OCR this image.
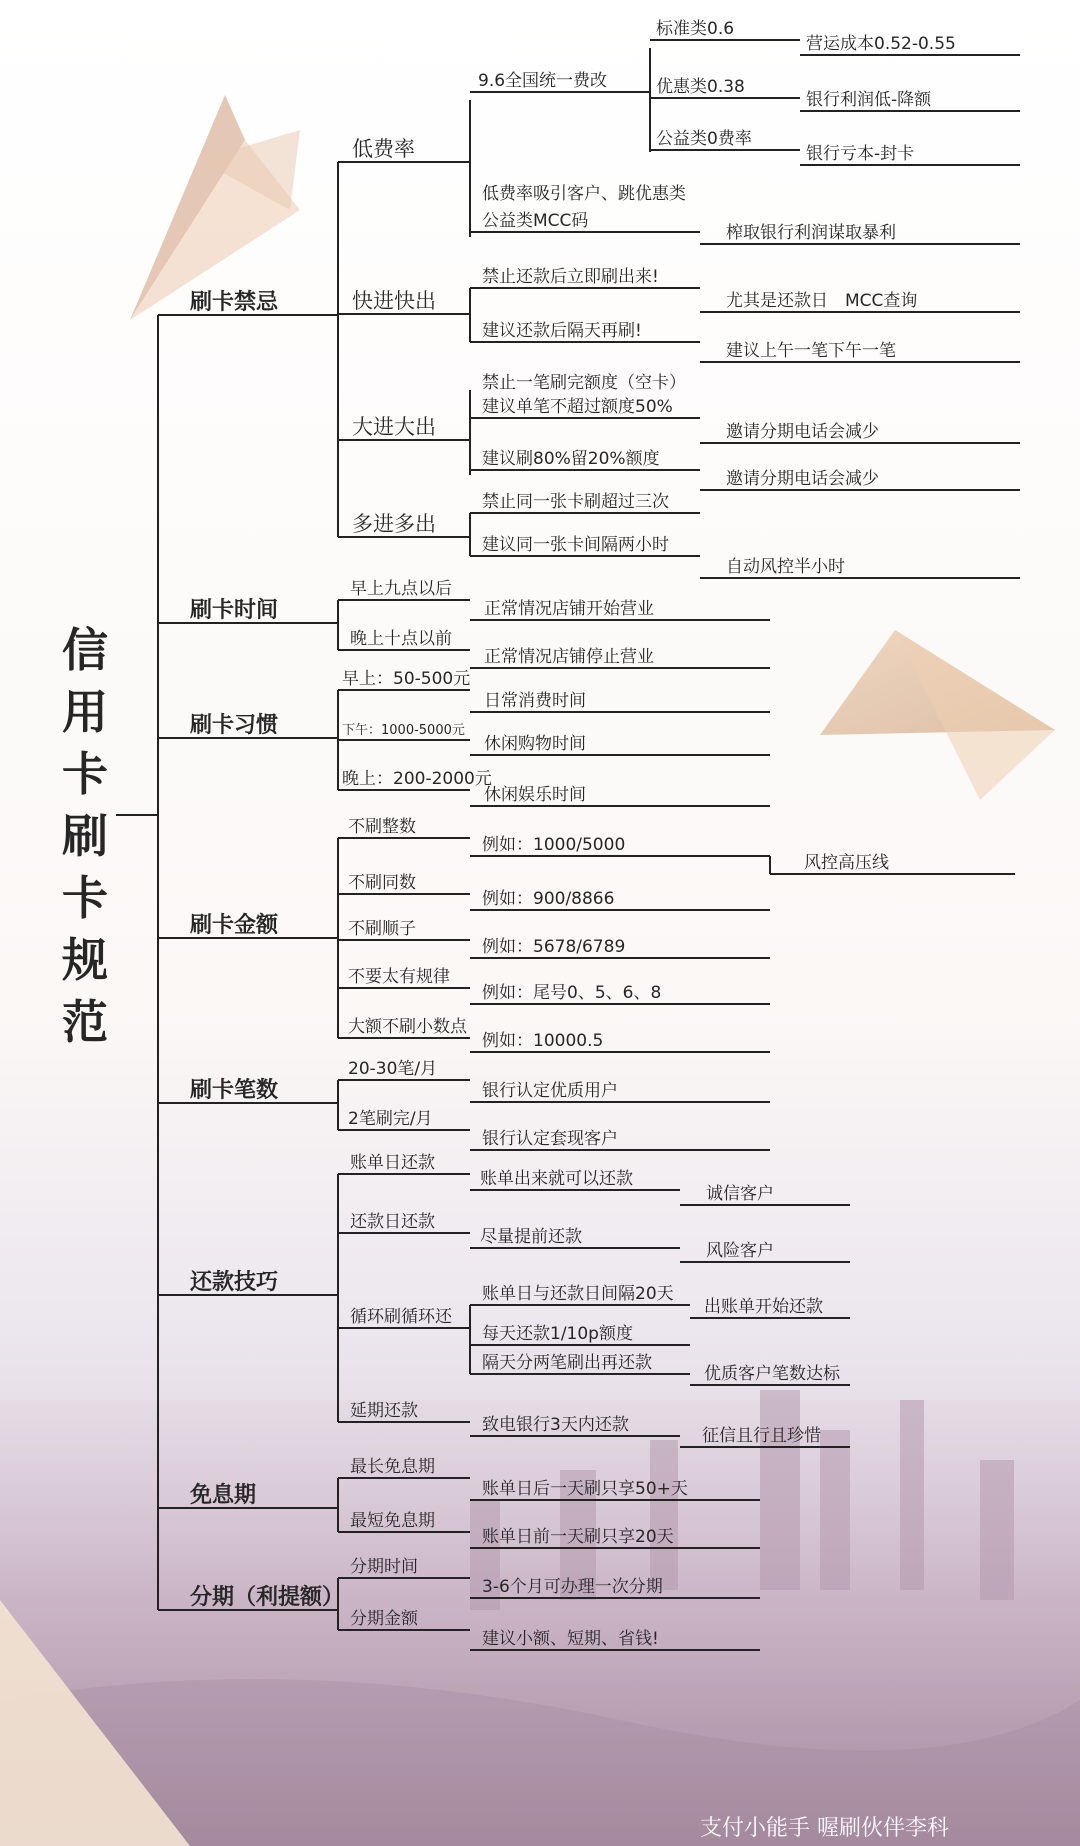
信
用
卡
刷
卡
规
范
刷卡禁忌
刷卡时间
刷卡习惯
刷卡金额
刷卡笔数
还款技巧
免息期
分期（利提额）
低费率
快进快出
大进大出
多进多出
9.6全国统一费改
标准类0.6
营运成本0.52-0.55
优惠类0.38
银行利润低-降额
公益类0费率
银行亏本-封卡
低费率吸引客户、跳优惠类
公益类MCC码
榨取银行利润谋取暴利
禁止还款后立即刷出来!
尤其是还款日　MCC查询
建议还款后隔天再刷!
建议上午一笔下午一笔
禁止一笔刷完额度（空卡）
建议单笔不超过额度50%
邀请分期电话会减少
建议刷80%留20%额度
邀请分期电话会减少
禁止同一张卡刷超过三次
自动风控半小时
建议同一张卡间隔两小时
早上九点以后
正常情况店铺开始营业
晚上十点以前
正常情况店铺停止营业
早上：50-500元
日常消费时间
下午：1000-5000元
休闲购物时间
晚上：200-2000元
休闲娱乐时间
不刷整数
例如：1000/5000
不刷同数
例如：900/8866
不刷顺子
例如：5678/6789
不要太有规律
例如：尾号0、5、6、8
大额不刷小数点
例如：10000.5
风控高压线
20-30笔/月
银行认定优质用户
2笔刷完/月
银行认定套现客户
账单日还款
账单出来就可以还款
诚信客户
还款日还款
尽量提前还款
风险客户
循环刷循环还
账单日与还款日间隔20天
出账单开始还款
每天还款1/10p额度
隔天分两笔刷出再还款
优质客户笔数达标
延期还款
致电银行3天内还款
征信且行且珍惜
最长免息期
账单日后一天刷只享50+天
最短免息期
账单日前一天刷只享20天
分期时间
3-6个月可办理一次分期
分期金额
建议小额、短期、省钱!
支付小能手 喔刷伙伴李科
